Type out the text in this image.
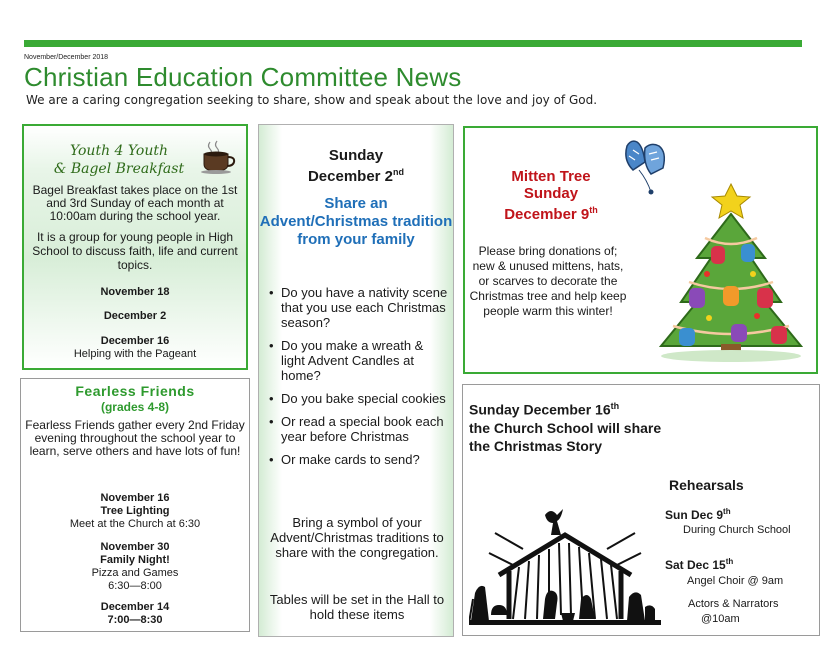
November/December 2018
Christian Education Committee News
We are a caring congregation seeking to share, show and speak about the love and joy of God.
Youth 4 Youth
& Bagel Breakfast
Bagel Breakfast takes place on the 1st and 3rd Sunday of each month at 10:00am during the school year.
It is a group for young people in High School to discuss faith, life and current topics.
November 18
December 2
December 16
Helping with the Pageant
Fearless Friends
(grades 4-8)
Fearless Friends gather every 2nd Friday evening throughout the school year to learn, serve others and have lots of fun!
November 16
Tree Lighting
Meet at the Church at 6:30
November 30
Family Night!
Pizza and Games
6:30—8:00
December 14
7:00—8:30
Sunday
December 2nd
Share an Advent/Christmas tradition from your family
• Do you have a nativity scene that you use each Christmas season?
• Do you make a wreath & light Advent Candles at home?
• Do you bake special cookies
• Or read a special book each year before Christmas
• Or make cards to send?
Bring a symbol of your Advent/Christmas traditions to share with the congregation.
Tables will be set in the Hall to hold these items
Mitten Tree
Sunday
December 9th
Please bring donations of; new & unused mittens, hats, or scarves to decorate the Christmas tree and help keep people warm this winter!
Sunday December 16th
the Church School will share
the Christmas Story
Rehearsals
Sun Dec 9th
During Church School
Sat Dec 15th
Angel Choir @ 9am
Actors & Narrators
@10am
